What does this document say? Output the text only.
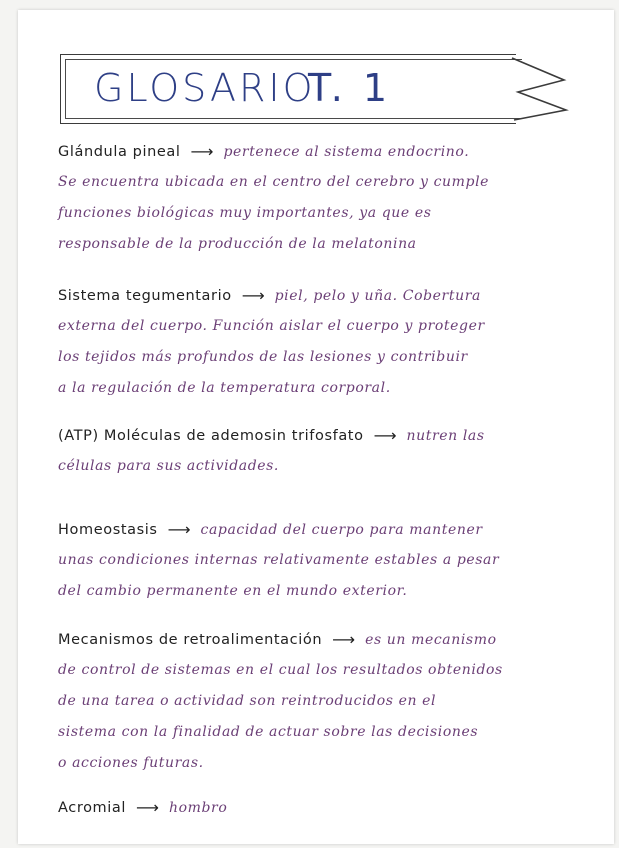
GLOSARIO
T. 1
Glándula pineal ⟶ pertenece al sistema endocrino.
Se encuentra ubicada en el centro del cerebro y cumple
funciones biológicas muy importantes, ya que es
responsable de la producción de la melatonina
Sistema tegumentario ⟶ piel, pelo y uña. Cobertura
externa del cuerpo. Función aislar el cuerpo y proteger
los tejidos más profundos de las lesiones y contribuir
a la regulación de la temperatura corporal.
(ATP) Moléculas de ademosin trifosfato ⟶ nutren las
células para sus actividades.
Homeostasis ⟶ capacidad del cuerpo para mantener
unas condiciones internas relativamente estables a pesar
del cambio permanente en el mundo exterior.
Mecanismos de retroalimentación ⟶ es un mecanismo
de control de sistemas en el cual los resultados obtenidos
de una tarea o actividad son reintroducidos en el
sistema con la finalidad de actuar sobre las decisiones
o acciones futuras.
Acromial ⟶ hombro
